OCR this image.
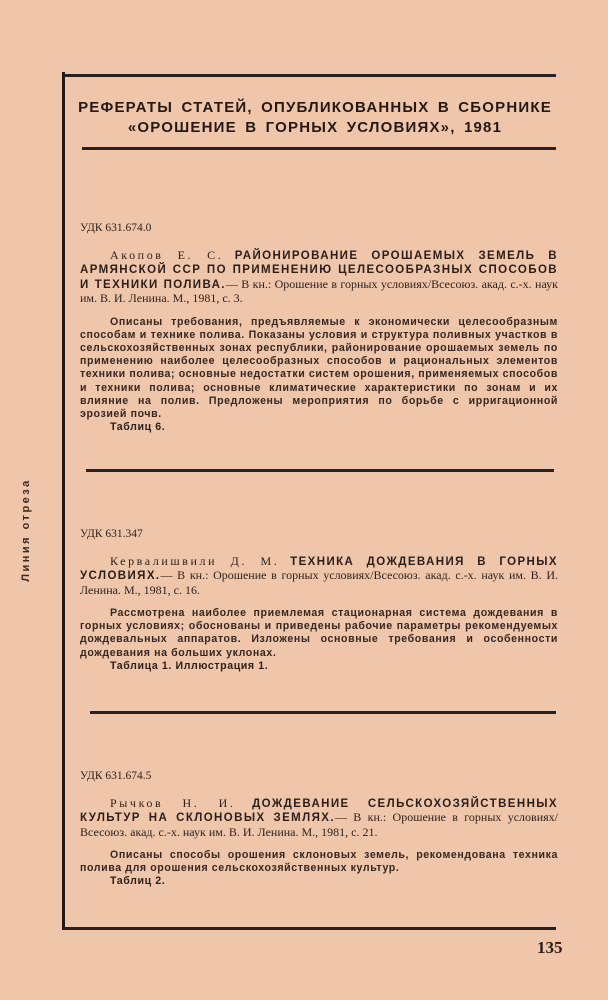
Линия отреза
РЕФЕРАТЫ СТАТЕЙ, ОПУБЛИКОВАННЫХ В СБОРНИКЕ
«ОРОШЕНИЕ В ГОРНЫХ УСЛОВИЯХ», 1981
УДК 631.674.0
Акопов Е. С. РАЙОНИРОВАНИЕ ОРОШАЕМЫХ ЗЕМЕЛЬ В АРМЯНСКОЙ ССР ПО ПРИМЕНЕНИЮ ЦЕЛЕСООБРАЗНЫХ СПОСОБОВ И ТЕХНИКИ ПОЛИВА.— В кн.: Орошение в горных условиях/Всесоюз. акад. с.-х. наук им. В. И. Ленина. М., 1981, с. 3.
Описаны требования, предъявляемые к экономически целесообразным способам и технике полива. Показаны условия и структура поливных участков в сельскохозяйственных зонах республики, районирование орошаемых земель по применению наиболее целесообразных способов и рациональных элементов техники полива; основные недостатки систем орошения, применяемых способов и техники полива; основные климатические характеристики по зонам и их влияние на полив. Предложены мероприятия по борьбе с ирригационной эрозией почв.
Таблиц 6.
УДК 631.347
Кервалишвили Д. М. ТЕХНИКА ДОЖДЕВАНИЯ В ГОРНЫХ УСЛОВИЯХ.— В кн.: Орошение в горных условиях/Всесоюз. акад. с.-х. наук им. В. И. Ленина. М., 1981, с. 16.
Рассмотрена наиболее приемлемая стационарная система дождевания в горных условиях; обоснованы и приведены рабочие параметры рекомендуемых дождевальных аппаратов. Изложены основные требования и особенности дождевания на больших уклонах.
Таблица 1. Иллюстрация 1.
УДК 631.674.5
Рычков Н. И. ДОЖДЕВАНИЕ СЕЛЬСКОХОЗЯЙСТВЕННЫХ КУЛЬТУР НА СКЛОНОВЫХ ЗЕМЛЯХ.— В кн.: Орошение в горных условиях/Всесоюз. акад. с.-х. наук им. В. И. Ленина. М., 1981, с. 21.
Описаны способы орошения склоновых земель, рекомендована техника полива для орошения сельскохозяйственных культур.
Таблиц 2.
135
